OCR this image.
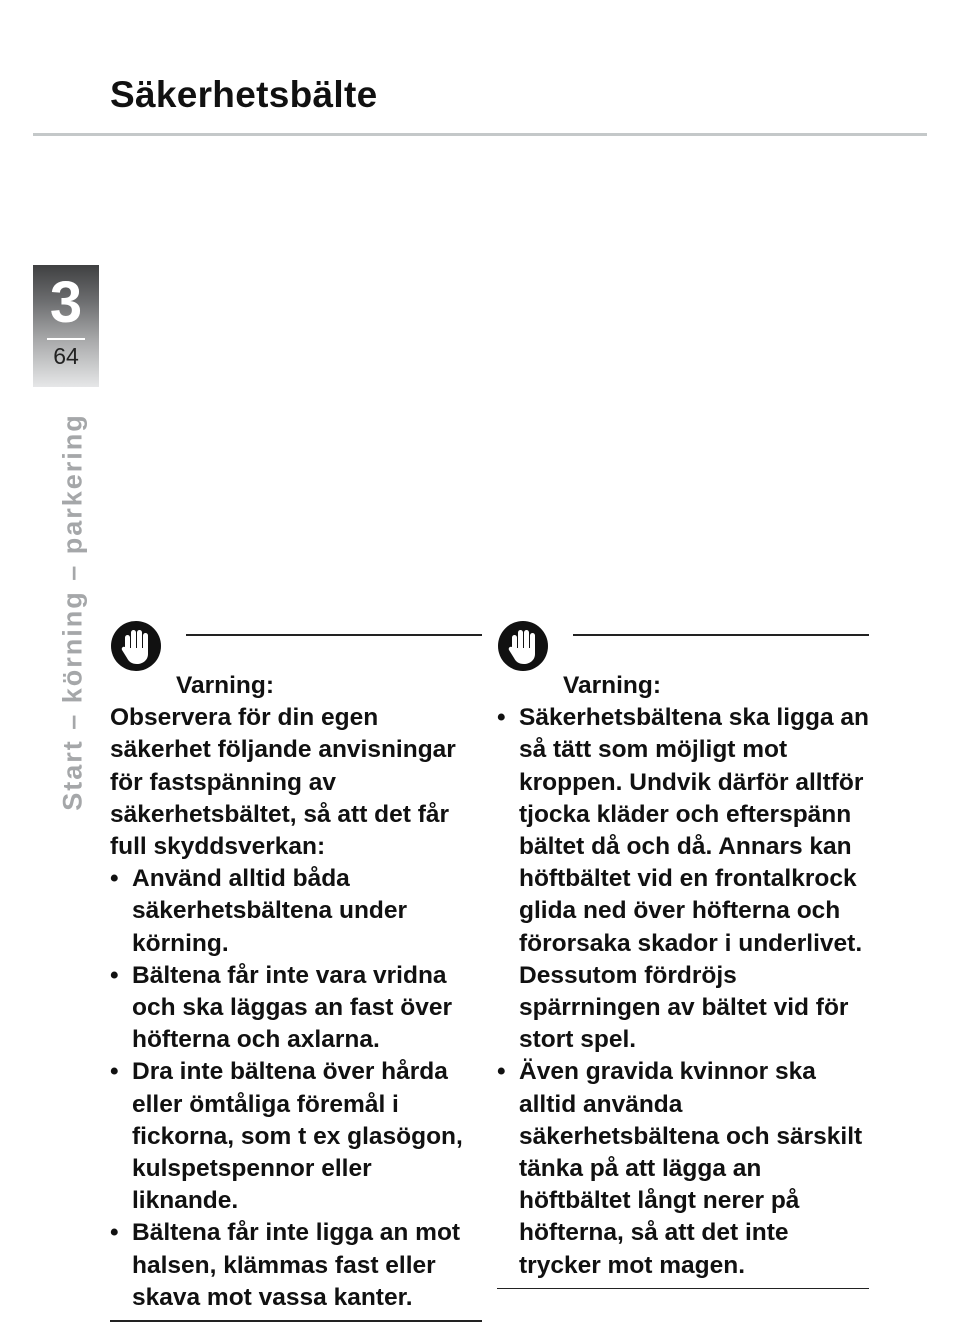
Säkerhetsbälte
3
64
Start – körning – parkering	Varning:

Observera för din egen säkerhet följande anvisningar för fastspänning av säkerhetsbältet, så att det får full skyddsverkan:

• Använd alltid båda säkerhetsbältena under körning.
• Bältena får inte vara vridna och ska läggas an fast över höfterna och axlarna.
• Dra inte bältena över hårda eller ömtåliga föremål i fickorna, som t ex glasögon, kulspetspennor eller liknande.
• Bältena får inte ligga an mot halsen, klämmas fast eller skava mot vassa kanter.
Varning:
• Säkerhetsbältena ska ligga an så tätt som möjligt mot kroppen. Undvik därför alltför tjocka kläder och efterspänn bältet då och då. Annars kan höftbältet vid en frontalkrock glida ned över höfterna och förorsaka skador i underlivet. Dessutom fördröjs spärrningen av bältet vid för stort spel.
• Även gravida kvinnor ska alltid använda säkerhetsbältena och särskilt tänka på att lägga an höftbältet långt nerer på höfterna, så att det inte trycker mot magen.
